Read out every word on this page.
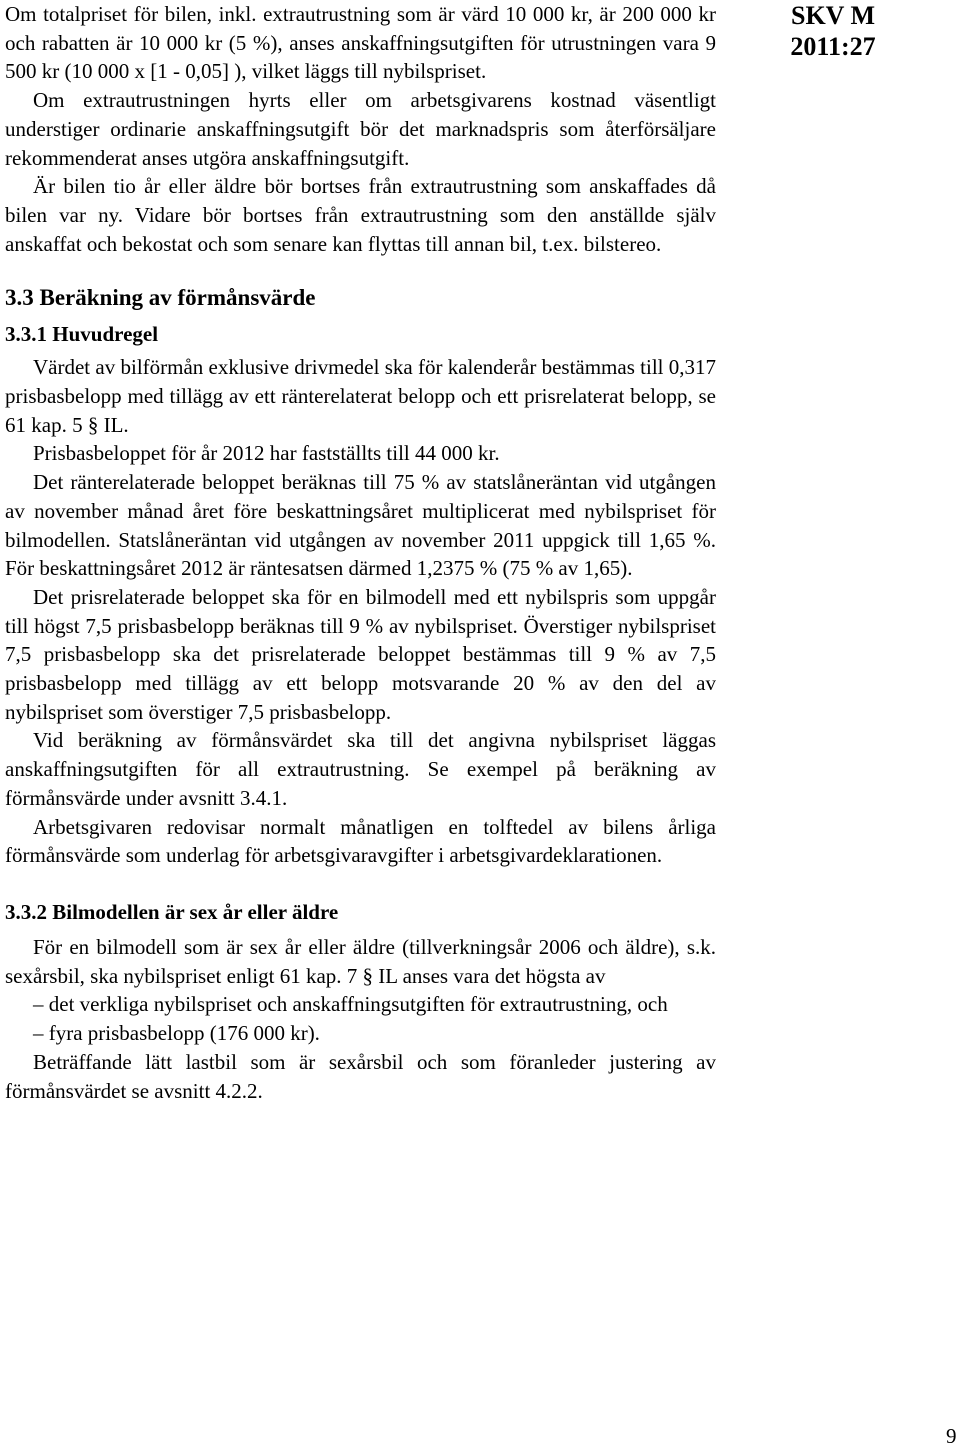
SKV M
2011:27

Om totalpriset för bilen, inkl. extrautrustning som är värd 10 000 kr, är 200 000 kr och rabatten är 10 000 kr (5 %), anses anskaffningsutgiften för utrustningen vara 9 500 kr (10 000 x [1 - 0,05] ), vilket läggs till nybilspriset.

Om extrautrustningen hyrts eller om arbetsgivarens kostnad väsentligt understiger ordinarie anskaffningsutgift bör det marknadspris som återförsäljare rekommenderat anses utgöra anskaffningsutgift.

Är bilen tio år eller äldre bör bortses från extrautrustning som anskaffades då bilen var ny. Vidare bör bortses från extrautrustning som den anställde själv anskaffat och bekostat och som senare kan flyttas till annan bil, t.ex. bilstereo.

3.3 Beräkning av förmånsvärde
3.3.1 Huvudregel

Värdet av bilförmån exklusive drivmedel ska för kalenderår bestämmas till 0,317 prisbasbelopp med tillägg av ett ränterelaterat belopp och ett prisrelaterat belopp, se 61 kap. 5 § IL.

Prisbasbeloppet för år 2012 har fastställts till 44 000 kr.

Det ränterelaterade beloppet beräknas till 75 % av statslåneräntan vid utgången av november månad året före beskattningsåret multiplicerat med nybilspriset för bilmodellen. Statslåneräntan vid utgången av november 2011 uppgick till 1,65 %. För beskattningsåret 2012 är räntesatsen därmed 1,2375 % (75 % av 1,65).

Det prisrelaterade beloppet ska för en bilmodell med ett nybilspris som uppgår till högst 7,5 prisbasbelopp beräknas till 9 % av nybilspriset. Överstiger nybilspriset 7,5 prisbasbelopp ska det prisrelaterade beloppet bestämmas till 9 % av 7,5 prisbasbelopp med tillägg av ett belopp motsvarande 20 % av den del av nybilspriset som överstiger 7,5 prisbasbelopp.

Vid beräkning av förmånsvärdet ska till det angivna nybilspriset läggas anskaffningsutgiften för all extrautrustning. Se exempel på beräkning av förmånsvärde under avsnitt 3.4.1.

Arbetsgivaren redovisar normalt månatligen en tolftedel av bilens årliga förmånsvärde som underlag för arbetsgivaravgifter i arbetsgivardeklarationen.

3.3.2 Bilmodellen är sex år eller äldre

För en bilmodell som är sex år eller äldre (tillverkningsår 2006 och äldre), s.k. sexårsbil, ska nybilspriset enligt 61 kap. 7 § IL anses vara det högsta av

– det verkliga nybilspriset och anskaffningsutgiften för extrautrustning, och
– fyra prisbasbelopp (176 000 kr).

Beträffande lätt lastbil som är sexårsbil och som föranleder justering av förmånsvärdet se avsnitt 4.2.2.

9
